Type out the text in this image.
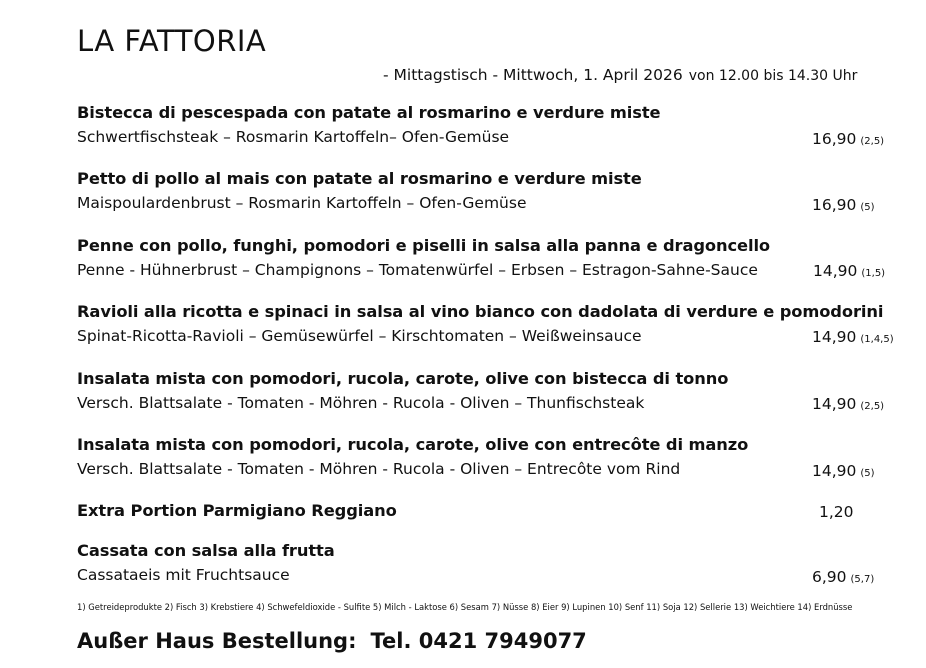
LA FATTORIA
- Mittagstisch - Mittwoch, 1. April 2026 von 12.00 bis 14.30 Uhr
Bistecca di pescespada con patate al rosmarino e verdure miste
Schwertfischsteak – Rosmarin Kartoffeln– Ofen-Gemüse	16,90 (2,5)
Petto di pollo al mais con patate al rosmarino e verdure miste
Maispoulardenbrust – Rosmarin Kartoffeln – Ofen-Gemüse	16,90 (5)
Penne con pollo, funghi, pomodori e piselli in salsa alla panna e dragoncello
Penne - Hühnerbrust – Champignons – Tomatenwürfel – Erbsen – Estragon-Sahne-Sauce	14,90 (1,5)
Ravioli alla ricotta e spinaci in salsa al vino bianco con dadolata di verdure e pomodorini
Spinat-Ricotta-Ravioli – Gemüsewürfel – Kirschtomaten – Weißweinsauce	14,90 (1,4,5)
Insalata mista con pomodori, rucola, carote, olive con bistecca di tonno
Versch. Blattsalate - Tomaten - Möhren - Rucola - Oliven – Thunfischsteak	14,90 (2,5)
Insalata mista con pomodori, rucola, carote, olive con entrecôte di manzo
Versch. Blattsalate - Tomaten - Möhren - Rucola - Oliven – Entrecôte vom Rind	14,90 (5)
Extra Portion Parmigiano Reggiano	1,20
Cassata con salsa alla frutta
Cassataeis mit Fruchtsauce	6,90 (5,7)
1) Getreideprodukte 2) Fisch 3) Krebstiere 4) Schwefeldioxide - Sulfite 5) Milch - Laktose 6) Sesam 7) Nüsse 8) Eier 9) Lupinen 10) Senf 11) Soja 12) Sellerie 13) Weichtiere 14) Erdnüsse
Außer Haus Bestellung: Tel. 0421 7949077
